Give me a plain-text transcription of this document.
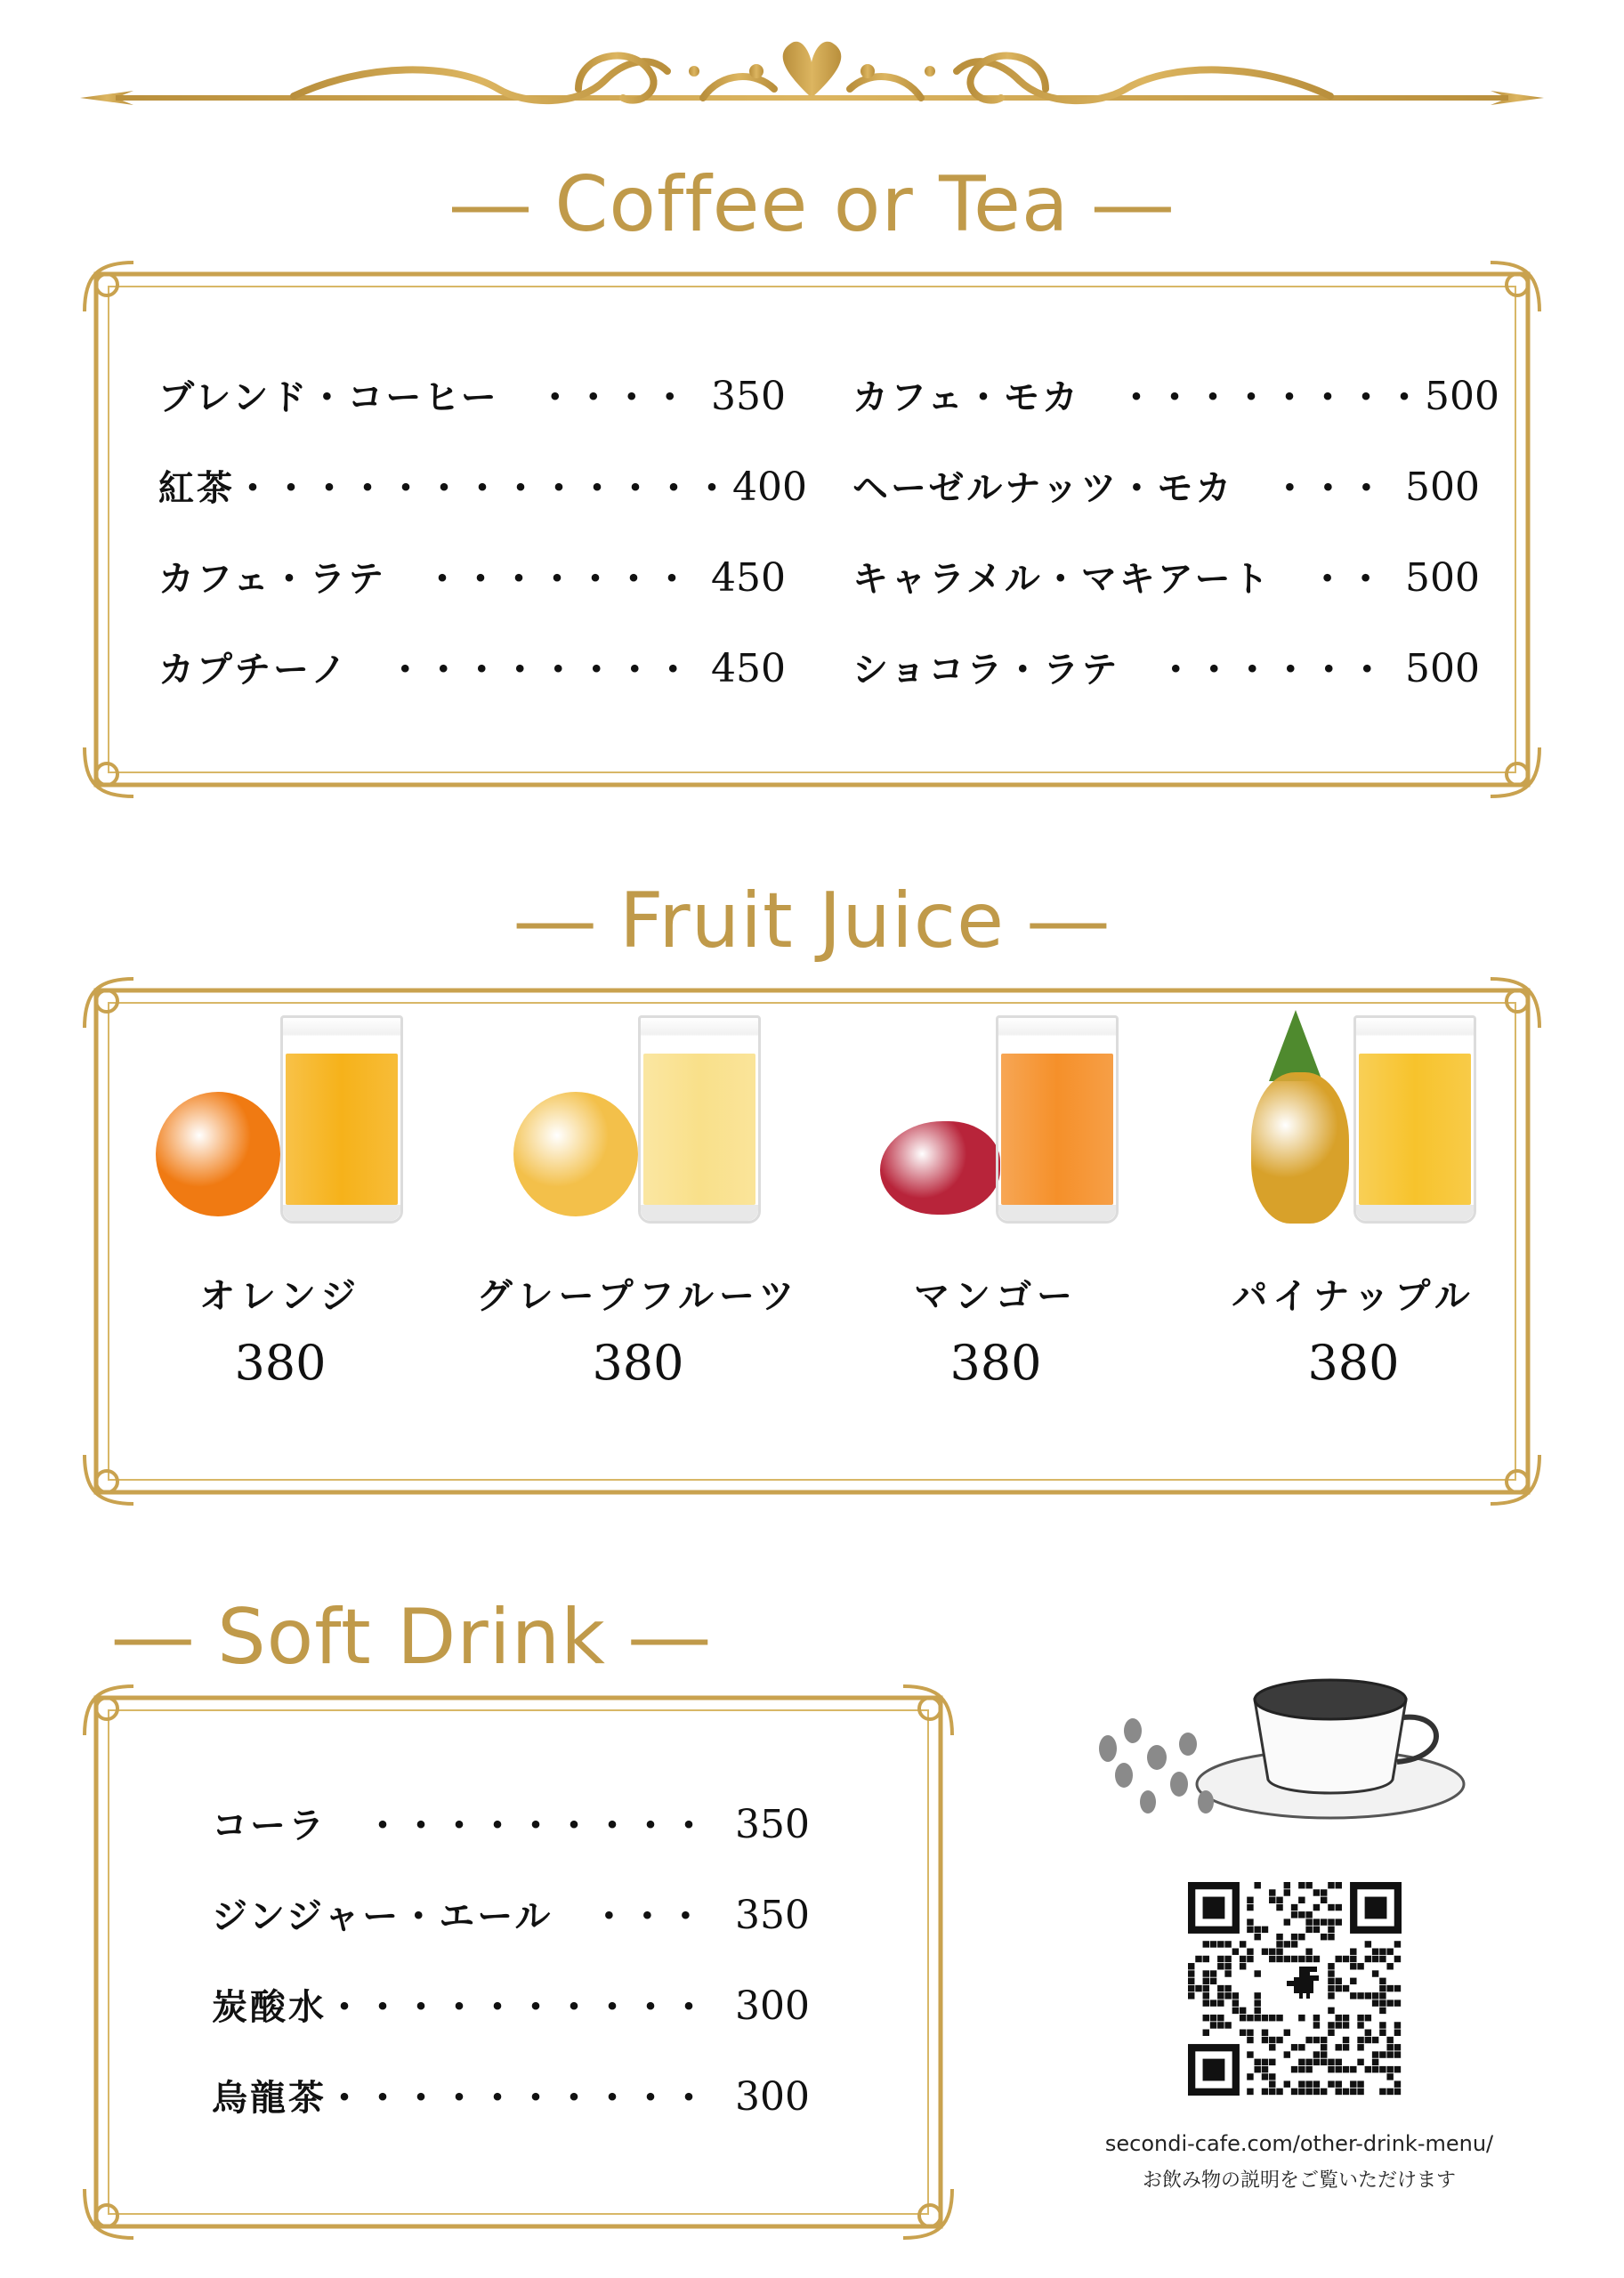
― Coffee or Tea ―
ブレンド・コーヒー　・・・・ 350
紅茶・・・・・・・・・・・・・ 400
カフェ・ラテ　・・・・・・・ 450
カプチーノ　・・・・・・・・ 450
カフェ・モカ　・・・・・・・・ 500
ヘーゼルナッツ・モカ　・・・ 500
キャラメル・マキアート　・・ 500
ショコラ・ラテ　・・・・・・ 500
― Fruit Juice ―
オレンジ
380
グレープフルーツ
380
マンゴー
380
パイナップル
380
― Soft Drink ―
コーラ　・・・・・・・・・ 350
ジンジャー・エール　・・・ 350
炭酸水・・・・・・・・・・ 300
烏龍茶・・・・・・・・・・ 300
secondi-cafe.com/other-drink-menu/
お飲み物の説明をご覧いただけます
